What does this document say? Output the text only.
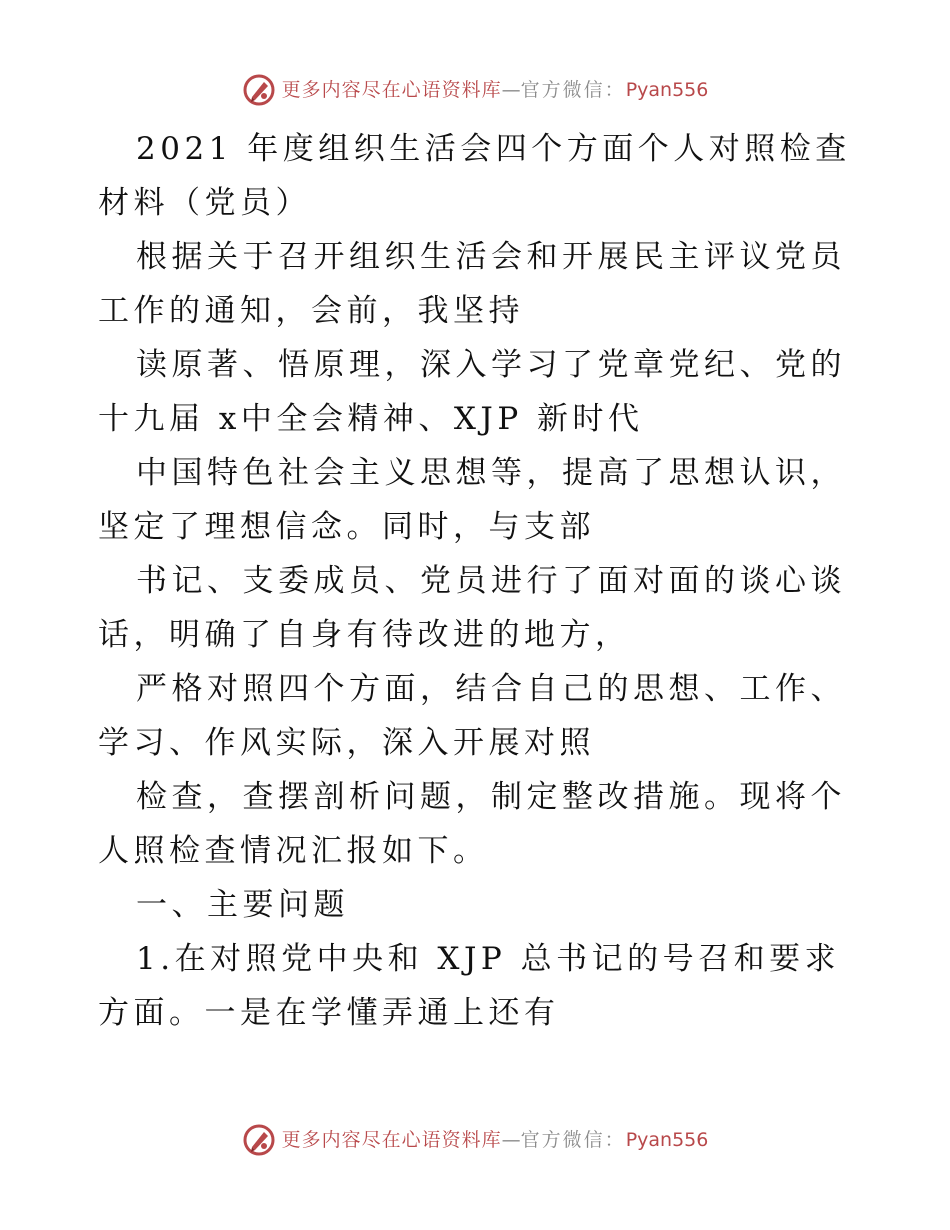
更多内容尽在心语资料库 — 官方微信： Pyan556

2021 年度组织生活会四个方面个人对照检查材料（党员）

根据关于召开组织生活会和开展民主评议党员工作的通知，会前，我坚持

读原著、悟原理，深入学习了党章党纪、党的十九届 x中全会精神、XJP 新时代

中国特色社会主义思想等，提高了思想认识，坚定了理想信念。同时，与支部

书记、支委成员、党员进行了面对面的谈心谈话，明确了自身有待改进的地方，

严格对照四个方面，结合自己的思想、工作、学习、作风实际，深入开展对照

检查，查摆剖析问题，制定整改措施。现将个人照检查情况汇报如下。

一、主要问题

1.在对照党中央和 XJP 总书记的号召和要求方面。一是在学懂弄通上还有

更多内容尽在心语资料库 — 官方微信： Pyan556
